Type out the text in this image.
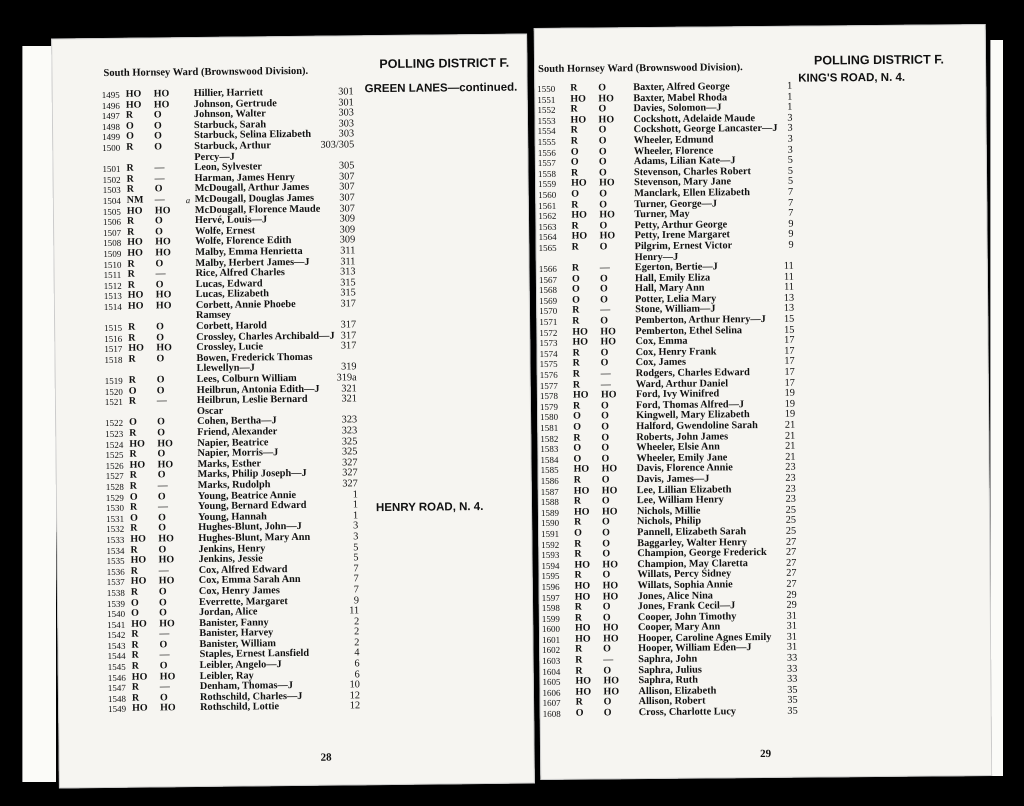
South Hornsey Ward (Brownswood Division).
POLLING DISTRICT F.
GREEN LANES—continued.
HENRY ROAD, N. 4.
1495 HO HO Hillier, Harriett	301
1496 HO HO Johnson, Gertrude	301
1497 R O	Johnson, Walter	303
1498 O O	Starbuck, Sarah	303
1499 O O	Starbuck, Selina Elizabeth	303
1500 R O	Starbuck, Arthur	303/305
Percy—J
1501 R —	Leon, Sylvester	305
1502 R —	Harman, James Henry	307
1503 R O	McDougall, Arthur James	307
1504 NM — a McDougall, Douglas James	307
1505 HO HO McDougall, Florence Maude	307
1506 R O	Hervé, Louis—J	309
1507 R O	Wolfe, Ernest	309
1508 HO HO Wolfe, Florence Edith	309
1509 HO HO Malby, Emma Henrietta	311
1510 R O	Malby, Herbert James—J	311
1511 R —	Rice, Alfred Charles	313
1512 R O	Lucas, Edward	315
1513 HO HO Lucas, Elizabeth	315
1514 HO HO Corbett, Annie Phoebe	317
Ramsey
1515 R O	Corbett, Harold	317
1516 R O	Crossley, Charles Archibald—J 317
1517 HO HO Crossley, Lucie	317
1518 R O	Bowen, Frederick Thomas
Llewellyn—J	319
1519 R O	Lees, Colburn William	319a
1520 O O	Heilbrun, Antonia Edith—J	321
1521 R —	Heilbrun, Leslie Bernard	321
Oscar
1522 O O	Cohen, Bertha—J	323
1523 R O	Friend, Alexander	323
1524 HO HO Napier, Beatrice	325
1525 R O	Napier, Morris—J	325
1526 HO HO Marks, Esther	327
1527 R O	Marks, Philip Joseph—J	327
1528 R —	Marks, Rudolph	327
1529 O O	Young, Beatrice Annie	1
1530 R —	Young, Bernard Edward	1
1531 O O	Young, Hannah	1
1532 R O	Hughes-Blunt, John—J	3
1533 HO HO Hughes-Blunt, Mary Ann	3
1534 R O	Jenkins, Henry	5
1535 HO HO Jenkins, Jessie	5
1536 R —	Cox, Alfred Edward	7
1537 HO HO Cox, Emma Sarah Ann	7
1538 R O	Cox, Henry James	7
1539 O O	Everrette, Margaret	9
1540 O O	Jordan, Alice	11
1541 HO HO Banister, Fanny	2
1542 R —	Banister, Harvey	2
1543 R O	Banister, William	2
1544 R —	Staples, Ernest Lansfield	4
1545 R O	Leibler, Angelo—J	6
1546 HO HO Leibler, Ray	6
1547 R —	Denham, Thomas—J	10
1548 R O	Rothschild, Charles—J	12
1549 HO HO Rothschild, Lottie	12
28
South Hornsey Ward (Brownswood Division).
POLLING DISTRICT F.
KING'S ROAD, N. 4.
1550 R O	Baxter, Alfred George	1
1551 HO HO Baxter, Mabel Rhoda	1
1552 R O	Davies, Solomon—J	1
1553 HO HO Cockshott, Adelaide Maude	3
1554 R O	Cockshott, George Lancaster—J 3
1555 R O	Wheeler, Edmund	3
1556 O O	Wheeler, Florence	3
1557 O O	Adams, Lilian Kate—J	5
1558 R O	Stevenson, Charles Robert	5
1559 HO HO Stevenson, Mary Jane	5
1560 O O	Manclark, Ellen Elizabeth	7
1561 R O	Turner, George—J	7
1562 HO HO Turner, May	7
1563 R O	Petty, Arthur George	9
1564 HO HO Petty, Irene Margaret	9
1565 R O	Pilgrim, Ernest Victor	9
Henry—J
1566 R — Egerton, Bertie—J	11
1567 O O	Hall, Emily Eliza	11
1568 O O	Hall, Mary Ann	11
1569 O O	Potter, Lelia Mary	13
1570 R — Stone, William—J	13
1571 R O	Pemberton, Arthur Henry—J	15
1572 HO HO Pemberton, Ethel Selina	15
1573 HO HO Cox, Emma	17
1574 R O	Cox, Henry Frank	17
1575 R O	Cox, James	17
1576 R — Rodgers, Charles Edward	17
1577 R — Ward, Arthur Daniel	17
1578 HO HO Ford, Ivy Winifred	19
1579 R O	Ford, Thomas Alfred—J	19
1580 O O	Kingwell, Mary Elizabeth	19
1581 O O	Halford, Gwendoline Sarah	21
1582 R O	Roberts, John James	21
1583 O O	Wheeler, Elsie Ann	21
1584 O O	Wheeler, Emily Jane	21
1585 HO HO Davis, Florence Annie	23
1586 R O	Davis, James—J	23
1587 HO HO Lee, Lillian Elizabeth	23
1588 R O	Lee, William Henry	23
1589 HO HO Nichols, Millie	25
1590 R O	Nichols, Philip	25
1591 O O	Pannell, Elizabeth Sarah	25
1592 R O	Baggarley, Walter Henry	27
1593 R O	Champion, George Frederick	27
1594 HO HO Champion, May Claretta	27
1595 R O	Willats, Percy Sidney	27
1596 HO HO Willats, Sophia Annie	27
1597 HO HO Jones, Alice Nina	29
1598 R O	Jones, Frank Cecil—J	29
1599 R O	Cooper, John Timothy	31
1600 HO HO Cooper, Mary Ann	31
1601 HO HO Hooper, Caroline Agnes Emily	31
1602 R O	Hooper, William Eden—J	31
1603 R — Saphra, John	33
1604 R O	Saphra, Julius	33
1605 HO HO Saphra, Ruth	33
1606 HO HO Allison, Elizabeth	35
1607 R O	Allison, Robert	35
1608 O O	Cross, Charlotte Lucy	35
29
